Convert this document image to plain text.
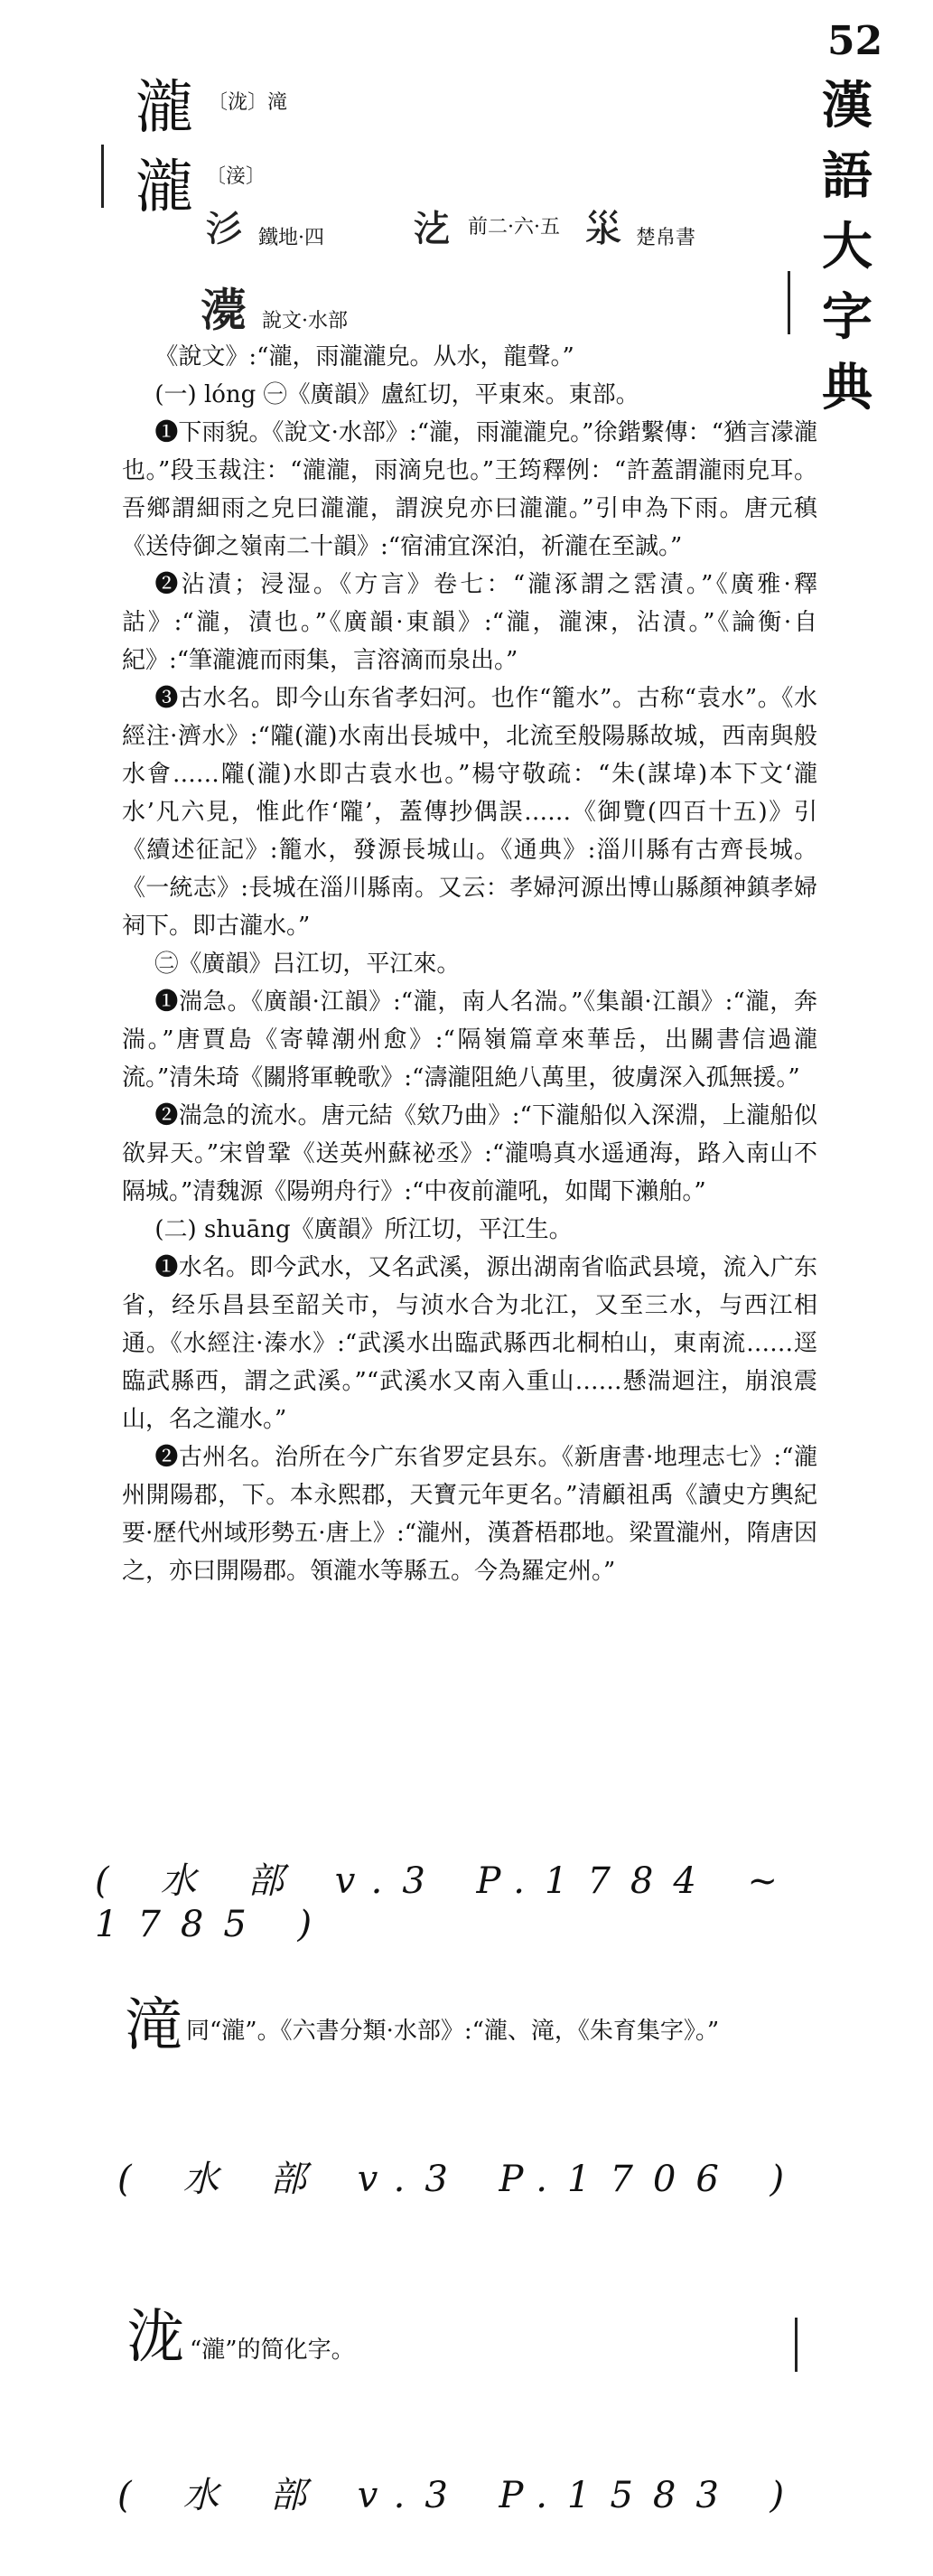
52
漢
語
大
字
典
瀧 〔泷〕滝
瀧 〔淁〕
𣲀 鐵地·四 𣲁 前二·六·五 𣲂 楚帛書
𤃫 說文·水部

《說文》:“瀧，雨瀧瀧皃。从水，龍聲。”

(一) lóng ㊀《廣韻》盧紅切，平東來。東部。

❶下雨貌。《說文·水部》:“瀧，雨瀧瀧皃。”徐鍇繫傳：“猶言濛瀧也。”段玉裁注：“瀧瀧，雨滴皃也。”王筠釋例：“許蓋謂瀧雨皃耳。吾鄉謂細雨之皃曰瀧瀧，謂淚皃亦曰瀧瀧。”引申為下雨。唐元稹《送侍御之嶺南二十韻》:“宿浦宜深泊，祈瀧在至誠。”

❷沾漬；浸湿。《方言》卷七：“瀧涿謂之霑漬。”《廣雅·釋詁》:“瀧，漬也。”《廣韻·東韻》:“瀧，瀧涷，沾漬。”《論衡·自紀》:“筆瀧漉而雨集，言溶滴而泉出。”

❸古水名。即今山东省孝妇河。也作“籠水”。古称“袁水”。《水經注·濟水》:“隴(瀧)水南出長城中，北流至般陽縣故城，西南與般水會……隴(瀧)水即古袁水也。”楊守敬疏：“朱(謀㙔)本下文‘瀧水’凡六見，惟此作‘隴’，蓋傳抄偶誤……《御覽(四百十五)》引《續述征記》:籠水，發源長城山。《通典》:淄川縣有古齊長城。《一統志》:長城在淄川縣南。又云：孝婦河源出博山縣顏神鎮孝婦祠下。即古瀧水。”

㊁《廣韻》吕江切，平江來。

❶湍急。《廣韻·江韻》:“瀧，南人名湍。”《集韻·江韻》:“瀧，奔湍。”唐賈島《寄韓潮州愈》:“隔嶺篇章來華岳，出關書信過瀧流。”清朱琦《關將軍輓歌》:“濤瀧阻絶八萬里，彼虜深入孤無援。”

❷湍急的流水。唐元結《欸乃曲》:“下瀧船似入深淵，上瀧船似欲昇天。”宋曾鞏《送英州蘇祕丞》:“瀧鳴真水遥通海，路入南山不隔城。”清魏源《陽朔舟行》:“中夜前瀧吼，如聞下瀨舶。”

(二) shuāng《廣韻》所江切，平江生。

❶水名。即今武水，又名武溪，源出湖南省临武县境，流入广东省，经乐昌县至韶关市，与浈水合为北江，又至三水，与西江相通。《水經注·溱水》:“武溪水出臨武縣西北桐柏山，東南流……逕臨武縣西，謂之武溪。”“武溪水又南入重山……懸湍迴注，崩浪震山，名之瀧水。”

❷古州名。治所在今广东省罗定县东。《新唐書·地理志七》:“瀧州開陽郡，下。本永熙郡，天寶元年更名。”清顧祖禹《讀史方輿紀要·歷代州域形勢五·唐上》:“瀧州，漢蒼梧郡地。梁置瀧州，隋唐因之，亦曰開陽郡。領瀧水等縣五。今為羅定州。”

( 水 部 v.3 P.1784 ~ 1785 )
滝 同“瀧”。《六書分類·水部》:“瀧、滝，《朱育集字》。”
( 水 部 v.3 P.1706 )
泷 “瀧”的简化字。
( 水 部 v.3 P.1583 )
